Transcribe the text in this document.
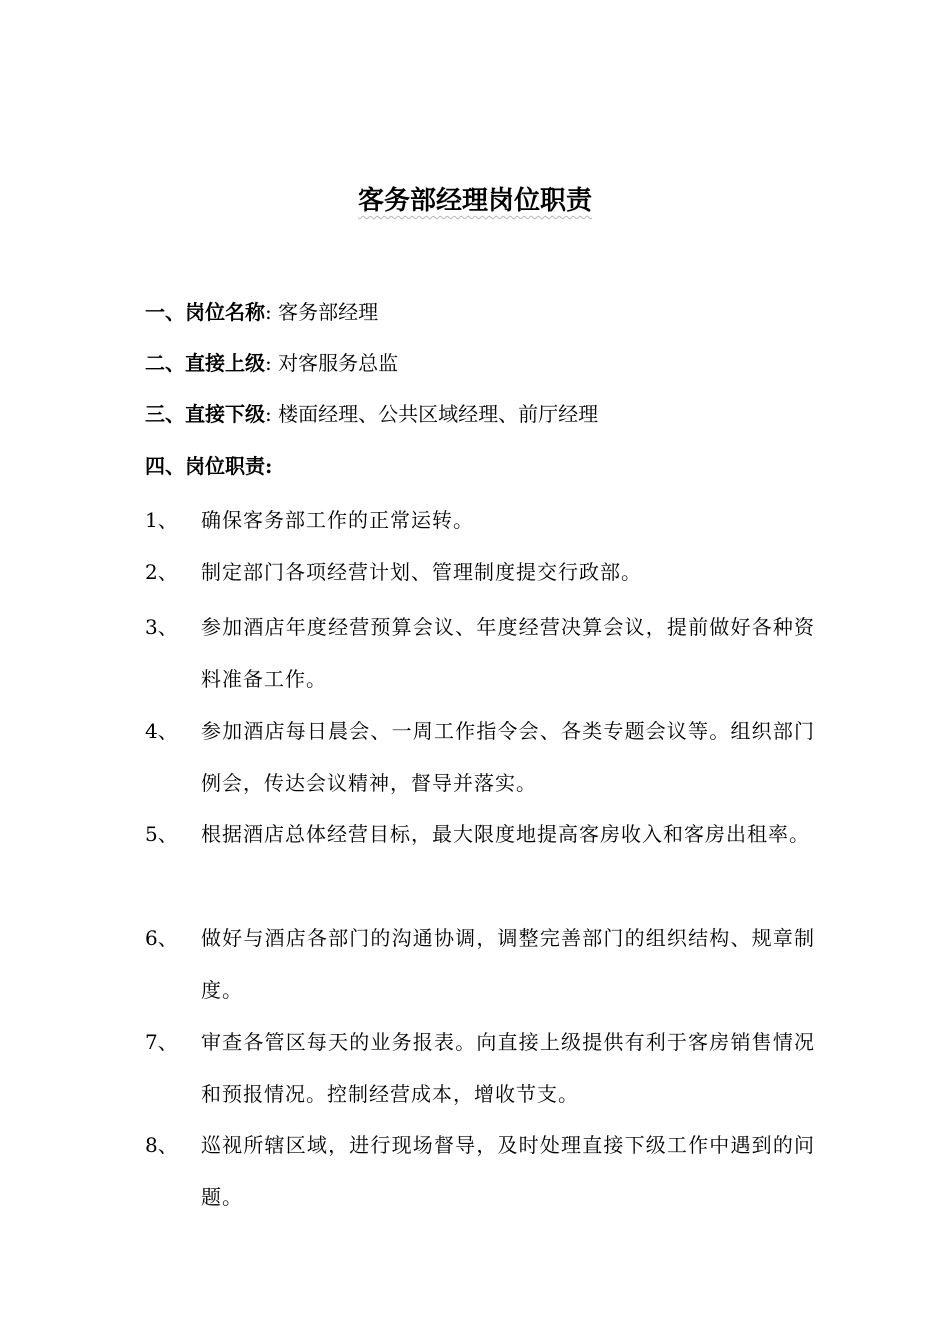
客务部经理岗位职责
一、岗位名称: 客务部经理
二、直接上级: 对客服务总监
三、直接下级: 楼面经理、公共区域经理、前厅经理
四、岗位职责:
1、	确保客务部工作的正常运转。
2、	制定部门各项经营计划、管理制度提交行政部。
3、	参加酒店年度经营预算会议、年度经营决算会议，提前做好各种资料准备工作。
4、	参加酒店每日晨会、一周工作指令会、各类专题会议等。组织部门例会，传达会议精神，督导并落实。
5、	根据酒店总体经营目标，最大限度地提高客房收入和客房出租率。
6、	做好与酒店各部门的沟通协调，调整完善部门的组织结构、规章制度。
7、	审查各管区每天的业务报表。向直接上级提供有利于客房销售情况和预报情况。控制经营成本，增收节支。
8、	巡视所辖区域，进行现场督导，及时处理直接下级工作中遇到的问题。
